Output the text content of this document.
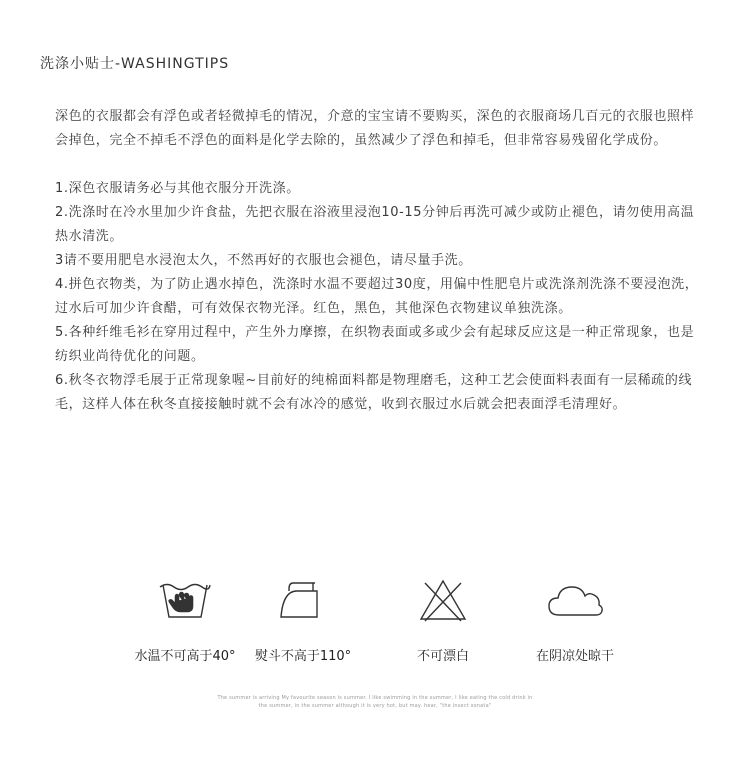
洗涤小贴士-WASHINGTIPS

深色的衣服都会有浮色或者轻微掉毛的情况，介意的宝宝请不要购买，深色的衣服商场几百元的衣服也照样会掉色，完全不掉毛不浮色的面料是化学去除的，虽然减少了浮色和掉毛，但非常容易残留化学成份。

1.深色衣服请务必与其他衣服分开洗涤。

2.洗涤时在冷水里加少许食盐，先把衣服在浴液里浸泡10-15分钟后再洗可减少或防止褪色，请勿使用高温热水清洗。

3请不要用肥皂水浸泡太久，不然再好的衣服也会褪色，请尽量手洗。

4.拼色衣物类，为了防止遇水掉色，洗涤时水温不要超过30度，用偏中性肥皂片或洗涤剂洗涤不要浸泡洗，过水后可加少许食醋，可有效保衣物光泽。红色，黑色，其他深色衣物建议单独洗涤。

5.各种纤维毛衫在穿用过程中，产生外力摩擦，在织物表面或多或少会有起球反应这是一种正常现象，也是纺织业尚待优化的问题。

6.秋冬衣物浮毛展于正常现象喔~目前好的纯棉面料都是物理磨毛，这种工艺会使面料表面有一层稀疏的线毛，这样人体在秋冬直接接触时就不会有冰冷的感觉，收到衣服过水后就会把表面浮毛清理好。

水温不可高于40°	熨斗不高于110°	不可漂白	在阴凉处晾干
The summer is arriving My favourite season is summer. I like swimming in the summer, I like eating the cold drink in
the summer, in the summer although it is very hot, but may. hear, "the insect sonata"
